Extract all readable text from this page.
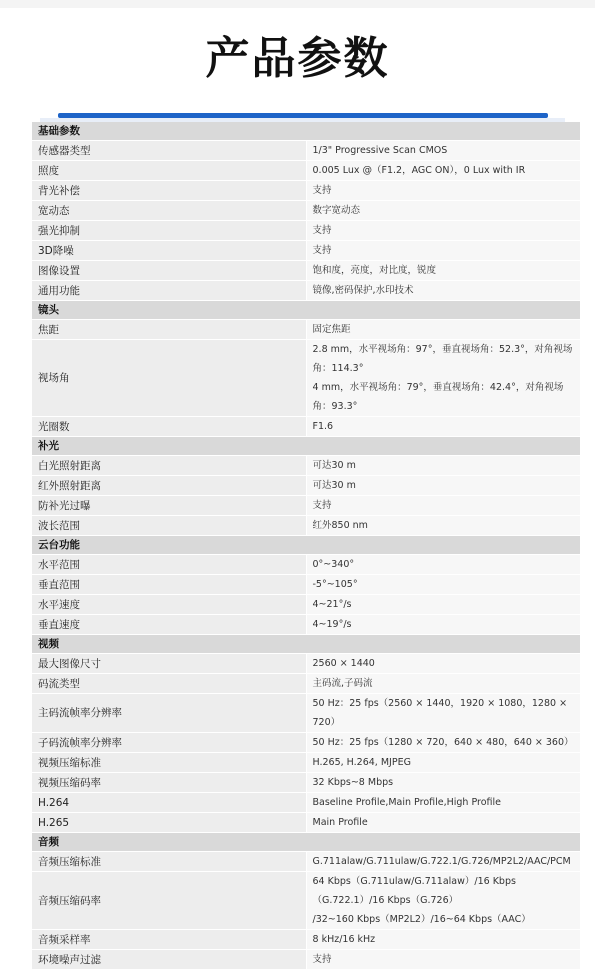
产品参数
基础参数	
传感器类型	1/3" Progressive Scan CMOS

照度	0.005 Lux @（F1.2，AGC ON），0 Lux with IR

背光补偿	支持

宽动态	数字宽动态

强光抑制	支持

3D降噪	支持

图像设置	饱和度，亮度，对比度，锐度

通用功能	镜像,密码保护,水印技术

镜头	
焦距	固定焦距

视场角	2.8 mm，水平视场角：97°，垂直视场角：52.3°，对角视场角：114.3°
4 mm，水平视场角：79°，垂直视场角：42.4°，对角视场角：93.3°

光圈数	F1.6

补光	
白光照射距离	可达30 m

红外照射距离	可达30 m

防补光过曝	支持

波长范围	红外850 nm

云台功能	
水平范围	0°~340°

垂直范围	-5°~105°

水平速度	4~21°/s

垂直速度	4~19°/s

视频	
最大图像尺寸	2560 × 1440

码流类型	主码流,子码流

主码流帧率分辨率	50 Hz：25 fps（2560 × 1440，1920 × 1080，1280 × 720）

子码流帧率分辨率	50 Hz：25 fps（1280 × 720，640 × 480，640 × 360）

视频压缩标准	H.265, H.264, MJPEG

视频压缩码率	32 Kbps~8 Mbps

H.264	Baseline Profile,Main Profile,High Profile

H.265	Main Profile

音频	
音频压缩标准	G.711alaw/G.711ulaw/G.722.1/G.726/MP2L2/AAC/PCM

音频压缩码率	64 Kbps（G.711ulaw/G.711alaw）/16 Kbps（G.722.1）/16 Kbps（G.726）
/32~160 Kbps（MP2L2）/16~64 Kbps（AAC）

音频采样率	8 kHz/16 kHz

环境噪声过滤	支持
